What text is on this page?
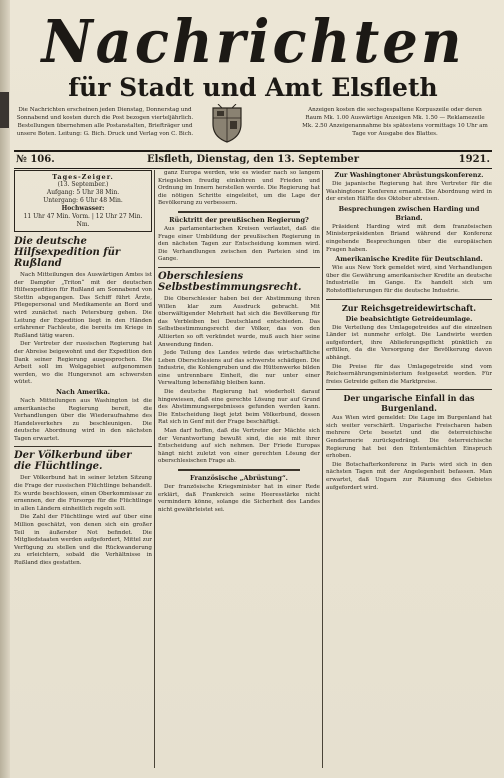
Nachrichten
für Stadt und Amt Elsfleth
Die Nachrichten erscheinen jeden Dienstag, Donnerstag und Sonnabend und kosten durch die Post bezogen vierteljährlich. Bestellungen übernehmen alle Postanstalten, Briefträger und unsere Boten. Leitung: G. Bich. Druck und Verlag von C. Bich.
Anzeigen kosten die sechsgespaltene Korpuszeile oder deren Raum Mk. 1.00 Auswärtige Anzeigen Mk. 1.50 — Reklamezeile Mk. 2.50 Anzeigenannahme bis spätestens vormittags 10 Uhr am Tage vor Ausgabe des Blattes.
№ 106.	Elsfleth, Dienstag, den 13. September	1921.
Tages-Zeiger.
(13. September.)
Aufgang: 5 Uhr 38 Min.
Untergang: 6 Uhr 48 Min.
Hochwasser:
11 Uhr 47 Min. Vorm. | 12 Uhr 27 Min. Nm.
Die deutsche Hilfsexpedition für Rußland

Nach Mitteilungen des Auswärtigen Amtes ist der Dampfer „Triton“ mit der deutschen Hilfsexpedition für Rußland am Sonnabend von Stettin abgegangen. Das Schiff führt Ärzte, Pflegepersonal und Medikamente an Bord und wird zunächst nach Petersburg gehen. Die Leitung der Expedition liegt in den Händen erfahrener Fachleute, die bereits im Kriege in Rußland tätig waren.

Der Vertreter der russischen Regierung hat der Abreise beigewohnt und der Expedition den Dank seiner Regierung ausgesprochen. Die Arbeit soll im Wolgagebiet aufgenommen werden, wo die Hungersnot am schwersten wütet.

Nach Amerika.

Nach Mitteilungen aus Washington ist die amerikanische Regierung bereit, die Verhandlungen über die Wiederaufnahme des Handelsverkehrs zu beschleunigen. Die deutsche Abordnung wird in den nächsten Tagen erwartet.

Der Völkerbund über die Flüchtlinge.

Der Völkerbund hat in seiner letzten Sitzung die Frage der russischen Flüchtlinge behandelt. Es wurde beschlossen, einen Oberkommissar zu ernennen, der die Fürsorge für die Flüchtlinge in allen Ländern einheitlich regeln soll.

Die Zahl der Flüchtlinge wird auf über eine Million geschätzt, von denen sich ein großer Teil in äußerster Not befindet. Die Mitgliedstaaten werden aufgefordert, Mittel zur Verfügung zu stellen und die Rückwanderung zu erleichtern, sobald die Verhältnisse in Rußland dies gestatten.

ganz Europa werden, wie es wieder nach so langem Kriegsleben freudig einkehren und Frieden und Ordnung im Innern herstellen werde. Die Regierung hat die nötigen Schritte eingeleitet, um die Lage der Bevölkerung zu verbessern.

Rücktritt der preußischen Regierung?

Aus parlamentarischen Kreisen verlautet, daß die Frage einer Umbildung der preußischen Regierung in den nächsten Tagen zur Entscheidung kommen wird. Die Verhandlungen zwischen den Parteien sind im Gange.

Oberschlesiens Selbstbestimmungsrecht.

Die Oberschlesier haben bei der Abstimmung ihren Willen klar zum Ausdruck gebracht. Mit überwältigender Mehrheit hat sich die Bevölkerung für das Verbleiben bei Deutschland entschieden. Das Selbstbestimmungsrecht der Völker, das von den Alliierten so oft verkündet wurde, muß auch hier seine Anwendung finden.

Jede Teilung des Landes würde das wirtschaftliche Leben Oberschlesiens auf das schwerste schädigen. Die Industrie, die Kohlengruben und die Hüttenwerke bilden eine untrennbare Einheit, die nur unter einer Verwaltung lebensfähig bleiben kann.

Die deutsche Regierung hat wiederholt darauf hingewiesen, daß eine gerechte Lösung nur auf Grund des Abstimmungsergebnisses gefunden werden kann. Die Entscheidung liegt jetzt beim Völkerbund, dessen Rat sich in Genf mit der Frage beschäftigt.

Man darf hoffen, daß die Vertreter der Mächte sich der Verantwortung bewußt sind, die sie mit ihrer Entscheidung auf sich nehmen. Der Friede Europas hängt nicht zuletzt von einer gerechten Lösung der oberschlesischen Frage ab.

Französische „Abrüstung“.

Der französische Kriegsminister hat in einer Rede erklärt, daß Frankreich seine Heeresstärke nicht vermindern könne, solange die Sicherheit des Landes nicht gewährleistet sei.

Zur Washingtoner Abrüstungskonferenz.

Die japanische Regierung hat ihre Vertreter für die Washingtoner Konferenz ernannt. Die Abordnung wird in der ersten Hälfte des Oktober abreisen.

Besprechungen zwischen Harding und Briand.

Präsident Harding wird mit dem französischen Ministerpräsidenten Briand während der Konferenz eingehende Besprechungen über die europäischen Fragen haben.

Amerikanische Kredite für Deutschland.

Wie aus New York gemeldet wird, sind Verhandlungen über die Gewährung amerikanischer Kredite an deutsche Industrielle im Gange. Es handelt sich um Rohstofflieferungen für die deutsche Industrie.

Zur Reichsgetreidewirtschaft.
Die beabsichtigte Getreideumlage.

Die Verteilung des Umlagegetreides auf die einzelnen Länder ist nunmehr erfolgt. Die Landwirte werden aufgefordert, ihre Ablieferungspflicht pünktlich zu erfüllen, da die Versorgung der Bevölkerung davon abhängt.

Die Preise für das Umlagegetreide sind vom Reichsernährungsministerium festgesetzt worden. Für freies Getreide gelten die Marktpreise.

Der ungarische Einfall in das Burgenland.

Aus Wien wird gemeldet: Die Lage im Burgenland hat sich weiter verschärft. Ungarische Freischaren haben mehrere Orte besetzt und die österreichische Gendarmerie zurückgedrängt. Die österreichische Regierung hat bei den Ententemächten Einspruch erhoben.

Die Botschafterkonferenz in Paris wird sich in den nächsten Tagen mit der Angelegenheit befassen. Man erwartet, daß Ungarn zur Räumung des Gebietes aufgefordert wird.
